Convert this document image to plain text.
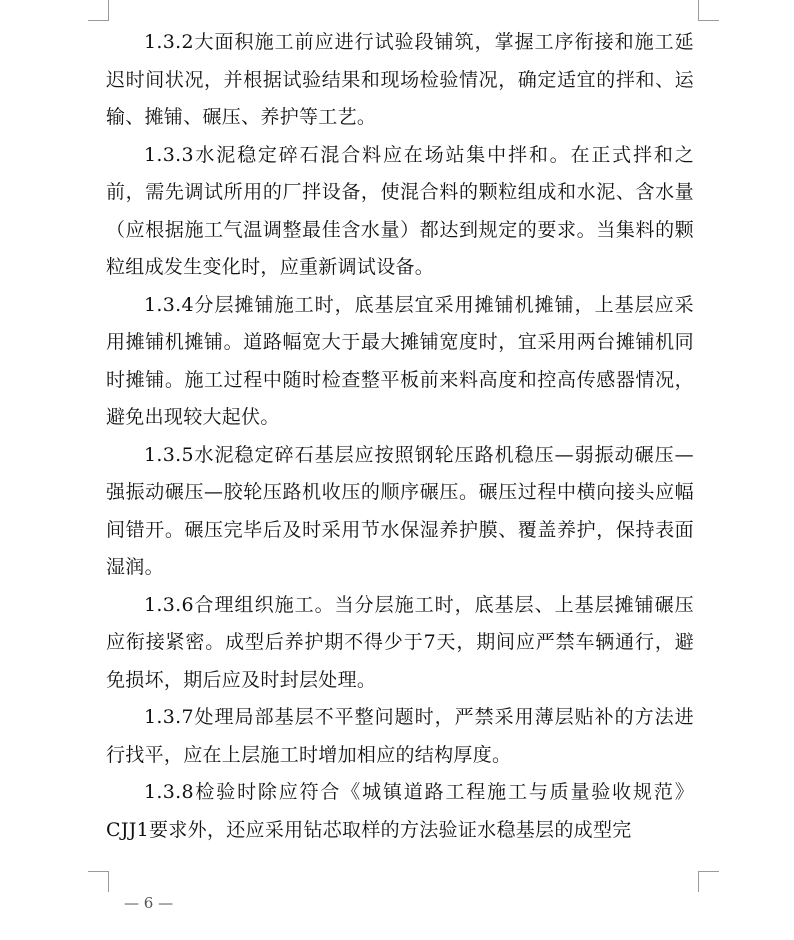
1.3.2大面积施工前应进行试验段铺筑，掌握工序衔接和施工延迟时间状况，并根据试验结果和现场检验情况，确定适宜的拌和、运输、摊铺、碾压、养护等工艺。

1.3.3水泥稳定碎石混合料应在场站集中拌和。在正式拌和之前，需先调试所用的厂拌设备，使混合料的颗粒组成和水泥、含水量（应根据施工气温调整最佳含水量）都达到规定的要求。当集料的颗粒组成发生变化时，应重新调试设备。

1.3.4分层摊铺施工时，底基层宜采用摊铺机摊铺，上基层应采用摊铺机摊铺。道路幅宽大于最大摊铺宽度时，宜采用两台摊铺机同时摊铺。施工过程中随时检查整平板前来料高度和控高传感器情况，避免出现较大起伏。

1.3.5水泥稳定碎石基层应按照钢轮压路机稳压—弱振动碾压—强振动碾压—胶轮压路机收压的顺序碾压。碾压过程中横向接头应幅间错开。碾压完毕后及时采用节水保湿养护膜、覆盖养护，保持表面湿润。

1.3.6合理组织施工。当分层施工时，底基层、上基层摊铺碾压应衔接紧密。成型后养护期不得少于7天，期间应严禁车辆通行，避免损坏，期后应及时封层处理。

1.3.7处理局部基层不平整问题时，严禁采用薄层贴补的方法进行找平，应在上层施工时增加相应的结构厚度。

1.3.8检验时除应符合《城镇道路工程施工与质量验收规范》CJJ1要求外，还应采用钻芯取样的方法验证水稳基层的成型完

— 6 —
